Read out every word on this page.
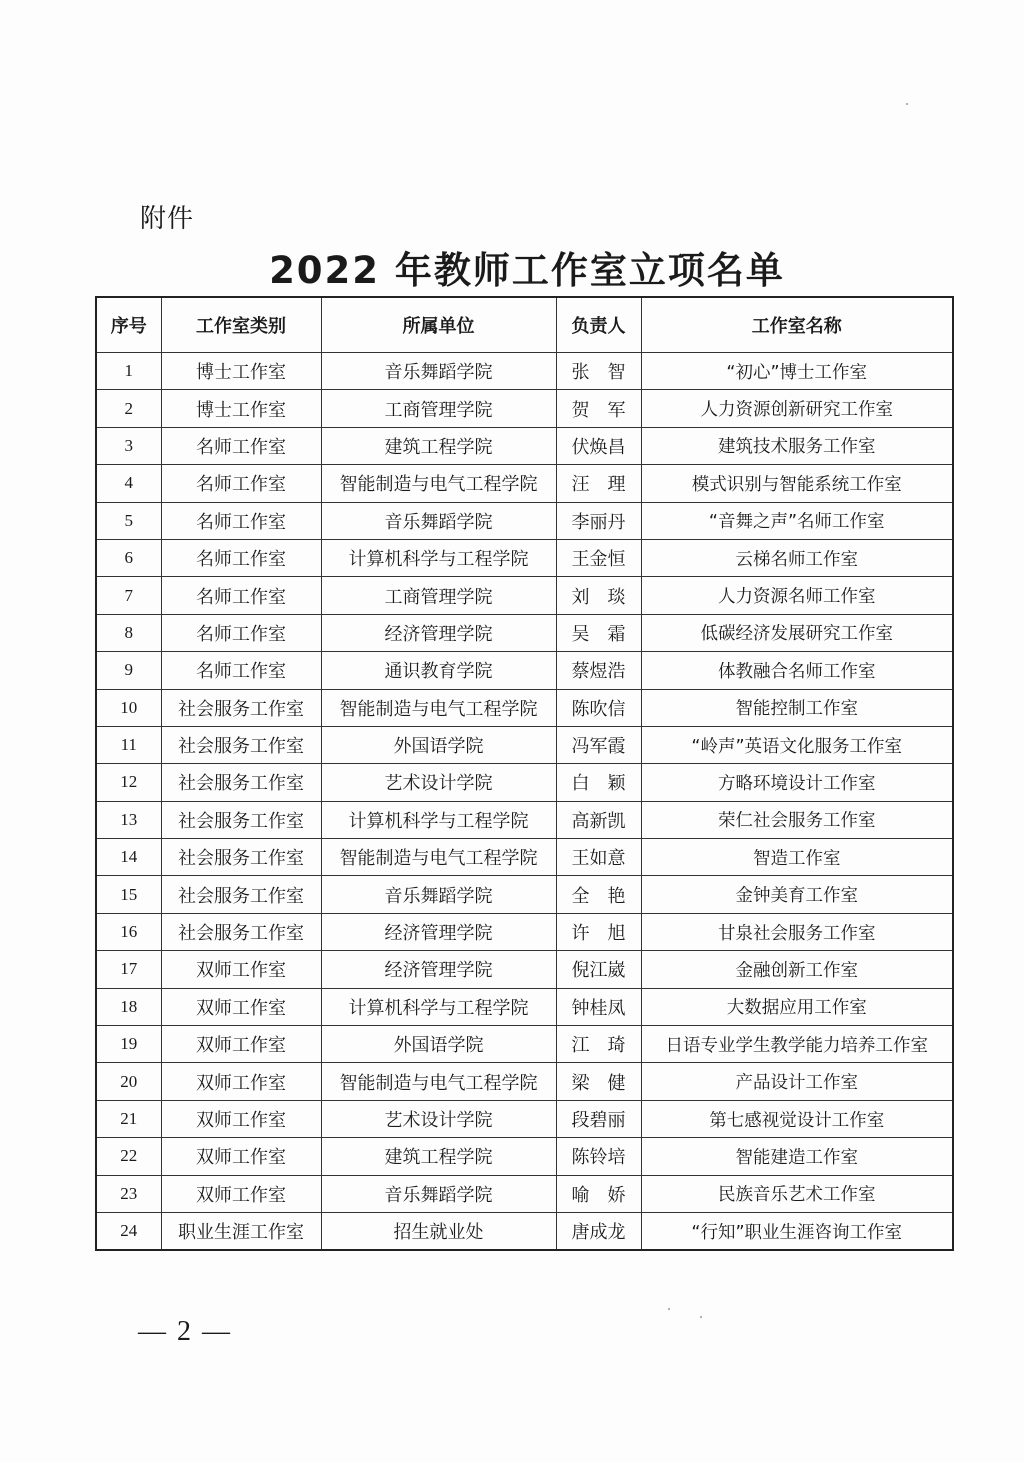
附件
2022 年教师工作室立项名单
序号	工作室类别	所属单位	负责人	工作室名称
1	博士工作室	音乐舞蹈学院	张　智	“初心”博士工作室
2	博士工作室	工商管理学院	贺　军	人力资源创新研究工作室
3	名师工作室	建筑工程学院	伏焕昌	建筑技术服务工作室
4	名师工作室	智能制造与电气工程学院	汪　理	模式识别与智能系统工作室
5	名师工作室	音乐舞蹈学院	李丽丹	“音舞之声”名师工作室
6	名师工作室	计算机科学与工程学院	王金恒	云梯名师工作室
7	名师工作室	工商管理学院	刘　琰	人力资源名师工作室
8	名师工作室	经济管理学院	吴　霜	低碳经济发展研究工作室
9	名师工作室	通识教育学院	蔡煜浩	体教融合名师工作室
10	社会服务工作室	智能制造与电气工程学院	陈吹信	智能控制工作室
11	社会服务工作室	外国语学院	冯军霞	“岭声”英语文化服务工作室
12	社会服务工作室	艺术设计学院	白　颖	方略环境设计工作室
13	社会服务工作室	计算机科学与工程学院	高新凯	荣仁社会服务工作室
14	社会服务工作室	智能制造与电气工程学院	王如意	智造工作室
15	社会服务工作室	音乐舞蹈学院	全　艳	金钟美育工作室
16	社会服务工作室	经济管理学院	许　旭	甘泉社会服务工作室
17	双师工作室	经济管理学院	倪江崴	金融创新工作室
18	双师工作室	计算机科学与工程学院	钟桂凤	大数据应用工作室
19	双师工作室	外国语学院	江　琦	日语专业学生教学能力培养工作室
20	双师工作室	智能制造与电气工程学院	梁　健	产品设计工作室
21	双师工作室	艺术设计学院	段碧丽	第七感视觉设计工作室
22	双师工作室	建筑工程学院	陈铃培	智能建造工作室
23	双师工作室	音乐舞蹈学院	喻　娇	民族音乐艺术工作室
24	职业生涯工作室	招生就业处	唐成龙	“行知”职业生涯咨询工作室
— 2 —
